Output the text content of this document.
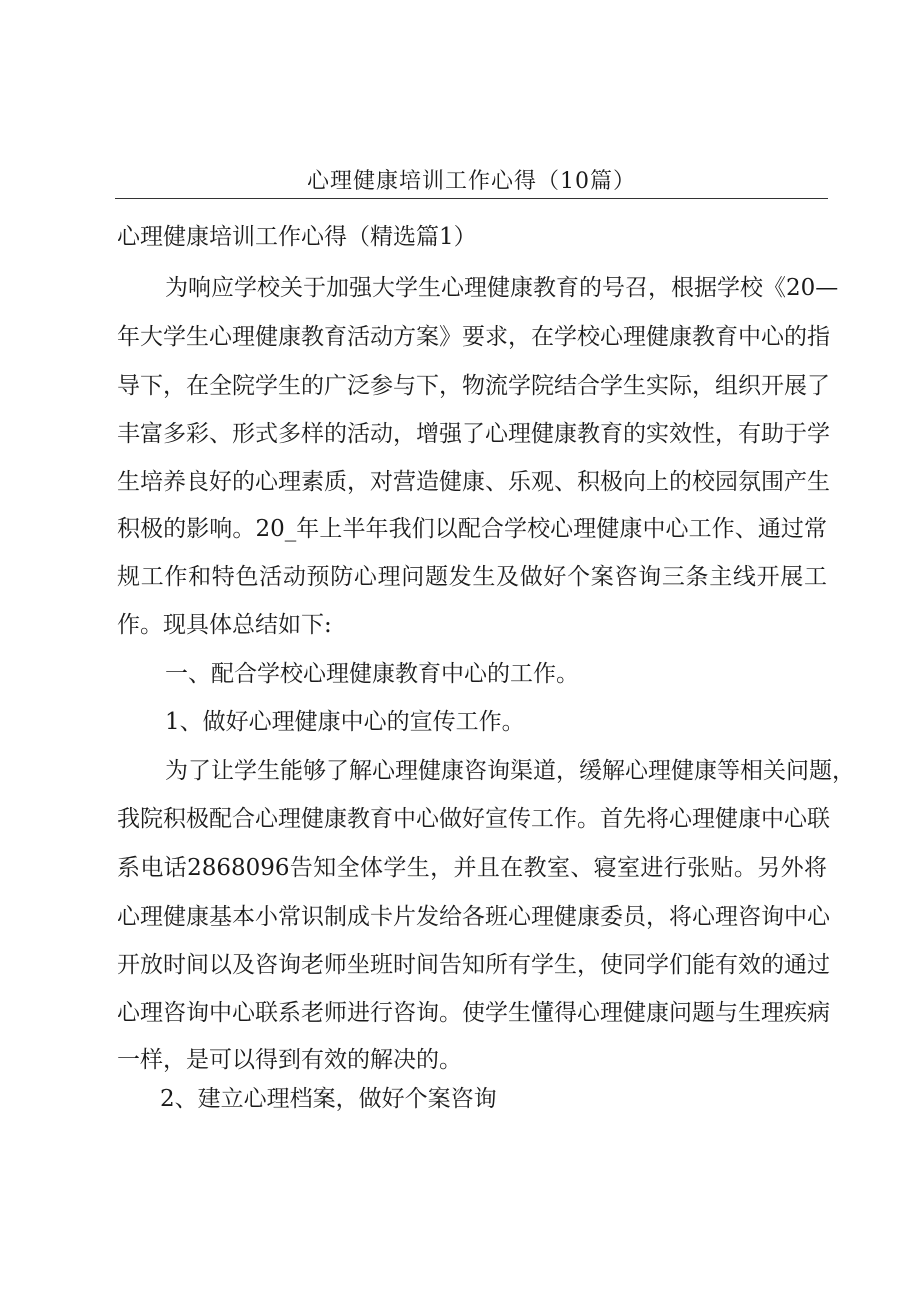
心理健康培训工作心得（10篇）
心理健康培训工作心得（精选篇1）
为响应学校关于加强大学生心理健康教育的号召，根据学校《20—
年大学生心理健康教育活动方案》要求，在学校心理健康教育中心的指
导下，在全院学生的广泛参与下，物流学院结合学生实际，组织开展了
丰富多彩、形式多样的活动，增强了心理健康教育的实效性，有助于学
生培养良好的心理素质，对营造健康、乐观、积极向上的校园氛围产生
积极的影响。20_年上半年我们以配合学校心理健康中心工作、通过常
规工作和特色活动预防心理问题发生及做好个案咨询三条主线开展工
作。现具体总结如下:
一、配合学校心理健康教育中心的工作。
1、做好心理健康中心的宣传工作。
为了让学生能够了解心理健康咨询渠道，缓解心理健康等相关问题，
我院积极配合心理健康教育中心做好宣传工作。首先将心理健康中心联
系电话2868096告知全体学生，并且在教室、寝室进行张贴。另外将
心理健康基本小常识制成卡片发给各班心理健康委员，将心理咨询中心
开放时间以及咨询老师坐班时间告知所有学生，使同学们能有效的通过
心理咨询中心联系老师进行咨询。使学生懂得心理健康问题与生理疾病
一样，是可以得到有效的解决的。
2、建立心理档案，做好个案咨询
